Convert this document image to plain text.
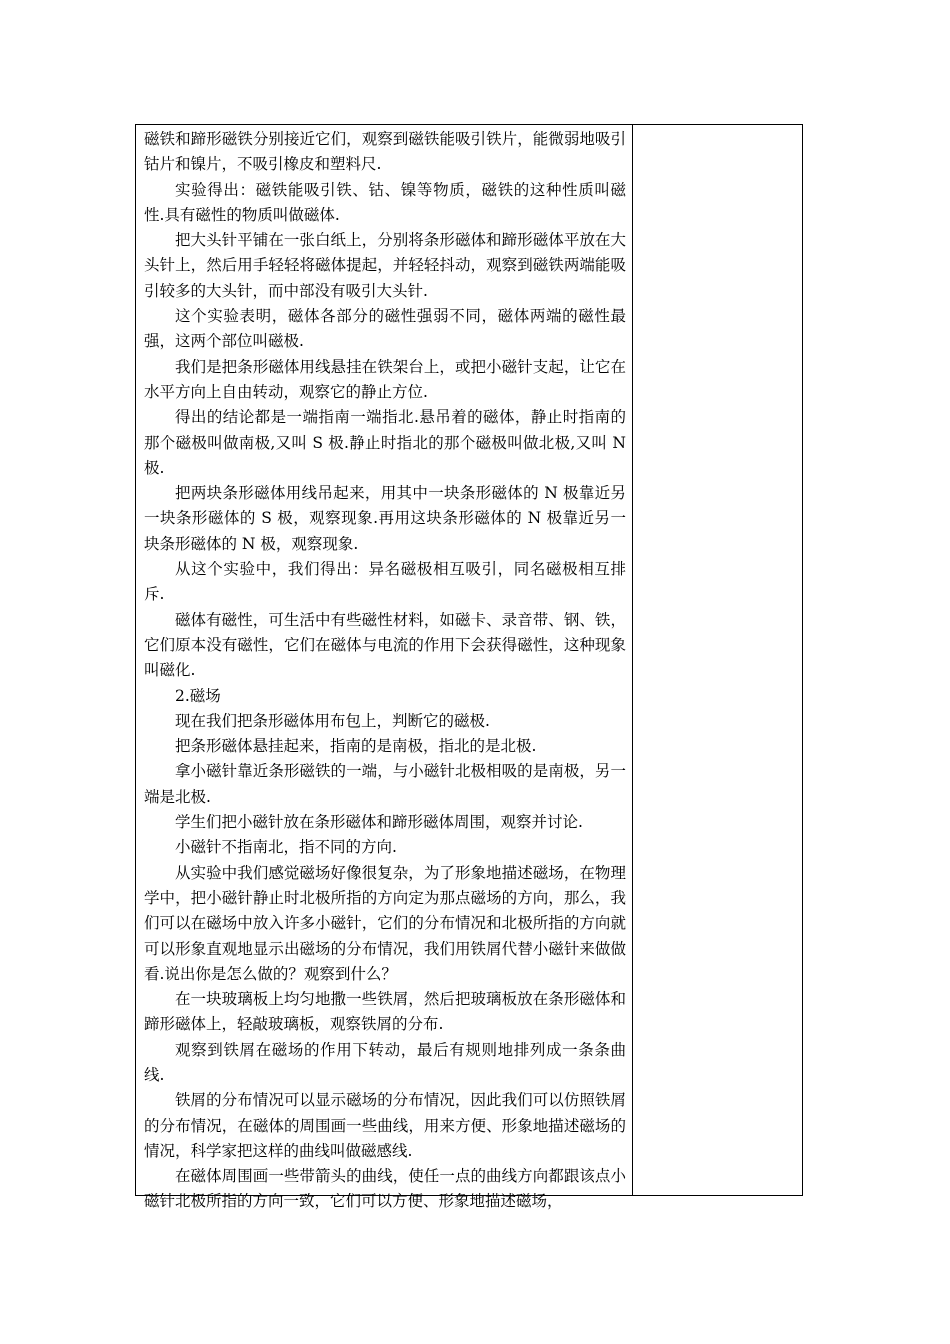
磁铁和蹄形磁铁分别接近它们，观察到磁铁能吸引铁片，能微弱地吸引钴片和镍片，不吸引橡皮和塑料尺.

实验得出：磁铁能吸引铁、钴、镍等物质，磁铁的这种性质叫磁性.具有磁性的物质叫做磁体.

把大头针平铺在一张白纸上，分别将条形磁体和蹄形磁体平放在大头针上，然后用手轻轻将磁体提起，并轻轻抖动，观察到磁铁两端能吸引较多的大头针，而中部没有吸引大头针.

这个实验表明，磁体各部分的磁性强弱不同，磁体两端的磁性最强，这两个部位叫磁极.

我们是把条形磁体用线悬挂在铁架台上，或把小磁针支起，让它在水平方向上自由转动，观察它的静止方位.

得出的结论都是一端指南一端指北.悬吊着的磁体，静止时指南的那个磁极叫做南极,又叫 S 极.静止时指北的那个磁极叫做北极,又叫 N 极.

把两块条形磁体用线吊起来，用其中一块条形磁体的 N 极靠近另一块条形磁体的 S 极，观察现象.再用这块条形磁体的 N 极靠近另一块条形磁体的 N 极，观察现象.

从这个实验中，我们得出：异名磁极相互吸引，同名磁极相互排斥.

磁体有磁性，可生活中有些磁性材料，如磁卡、录音带、钢、铁，它们原本没有磁性，它们在磁体与电流的作用下会获得磁性，这种现象叫磁化.

2.磁场

现在我们把条形磁体用布包上，判断它的磁极.

把条形磁体悬挂起来，指南的是南极，指北的是北极.

拿小磁针靠近条形磁铁的一端，与小磁针北极相吸的是南极，另一端是北极.

学生们把小磁针放在条形磁体和蹄形磁体周围，观察并讨论.

小磁针不指南北，指不同的方向.

从实验中我们感觉磁场好像很复杂，为了形象地描述磁场，在物理学中，把小磁针静止时北极所指的方向定为那点磁场的方向，那么，我们可以在磁场中放入许多小磁针，它们的分布情况和北极所指的方向就可以形象直观地显示出磁场的分布情况，我们用铁屑代替小磁针来做做看.说出你是怎么做的？观察到什么？

在一块玻璃板上均匀地撒一些铁屑，然后把玻璃板放在条形磁体和蹄形磁体上，轻敲玻璃板，观察铁屑的分布.

观察到铁屑在磁场的作用下转动，最后有规则地排列成一条条曲线.

铁屑的分布情况可以显示磁场的分布情况，因此我们可以仿照铁屑的分布情况，在磁体的周围画一些曲线，用来方便、形象地描述磁场的情况，科学家把这样的曲线叫做磁感线.

在磁体周围画一些带箭头的曲线，使任一点的曲线方向都跟该点小磁针北极所指的方向一致，它们可以方便、形象地描述磁场，
